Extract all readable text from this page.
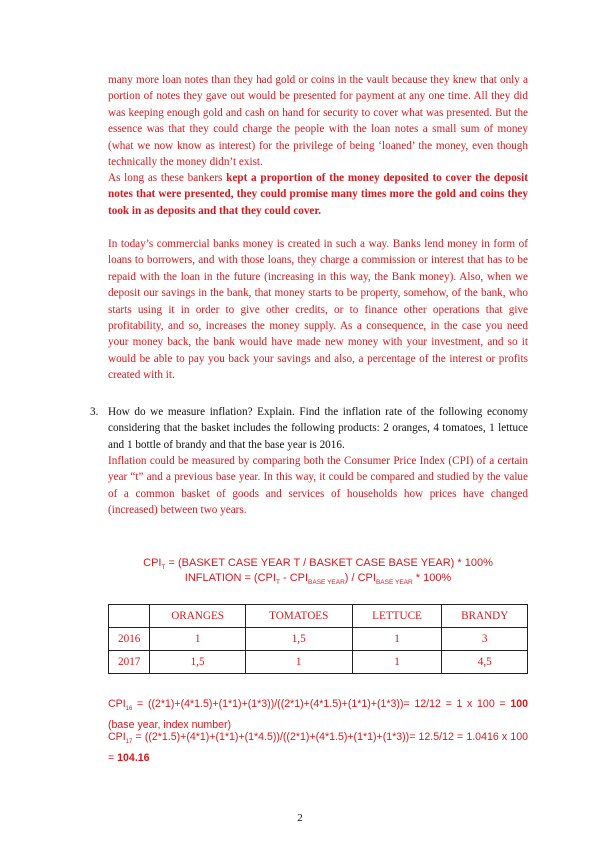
many more loan notes than they had gold or coins in the vault because they knew that only a portion of notes they gave out would be presented for payment at any one time. All they did was keeping enough gold and cash on hand for security to cover what was presented. But the essence was that they could charge the people with the loan notes a small sum of money (what we now know as interest) for the privilege of being ‘loaned’ the money, even though technically the money didn’t exist.

As long as these bankers kept a proportion of the money deposited to cover the deposit notes that were presented, they could promise many times more the gold and coins they took in as deposits and that they could cover.

In today’s commercial banks money is created in such a way. Banks lend money in form of loans to borrowers, and with those loans, they charge a commission or interest that has to be repaid with the loan in the future (increasing in this way, the Bank money). Also, when we deposit our savings in the bank, that money starts to be property, somehow, of the bank, who starts using it in order to give other credits, or to finance other operations that give profitability, and so, increases the money supply. As a consequence, in the case you need your money back, the bank would have made new money with your investment, and so it would be able to pay you back your savings and also, a percentage of the interest or profits created with it.

3. How do we measure inflation? Explain. Find the inflation rate of the following economy considering that the basket includes the following products: 2 oranges, 4 tomatoes, 1 lettuce and 1 bottle of brandy and that the base year is 2016.

Inflation could be measured by comparing both the Consumer Price Index (CPI) of a certain year “t” and a previous base year. In this way, it could be compared and studied by the value of a common basket of goods and services of households how prices have changed (increased) between two years.

$CPI_T$ = (BASKET CASE YEAR T / BASKET CASE BASE YEAR) * 100%
INFLATION = $(CPI_T - CPI_{BASE YEAR}) / CPI_{BASE YEAR} * 100\%$
	ORANGES	TOMATOES	LETTUCE	BRANDY
2016	1	1,5	1	3
2017	1,5	1	1	4,5

$CPI_{16} = ((2*1)+(4*1.5)+(1*1)+(1*3))/((2*1)+(4*1.5)+(1*1)+(1*3))= 12/12 = 1$ x 100 = 100 (base year, index number)

$CPI_{17} = ((2*1.5)+(4*1)+(1*1)+(1*4.5))/((2*1)+(4*1.5)+(1*1)+(1*3))= 12.5/12 = 1.0416$ x 100 = 104.16

2
